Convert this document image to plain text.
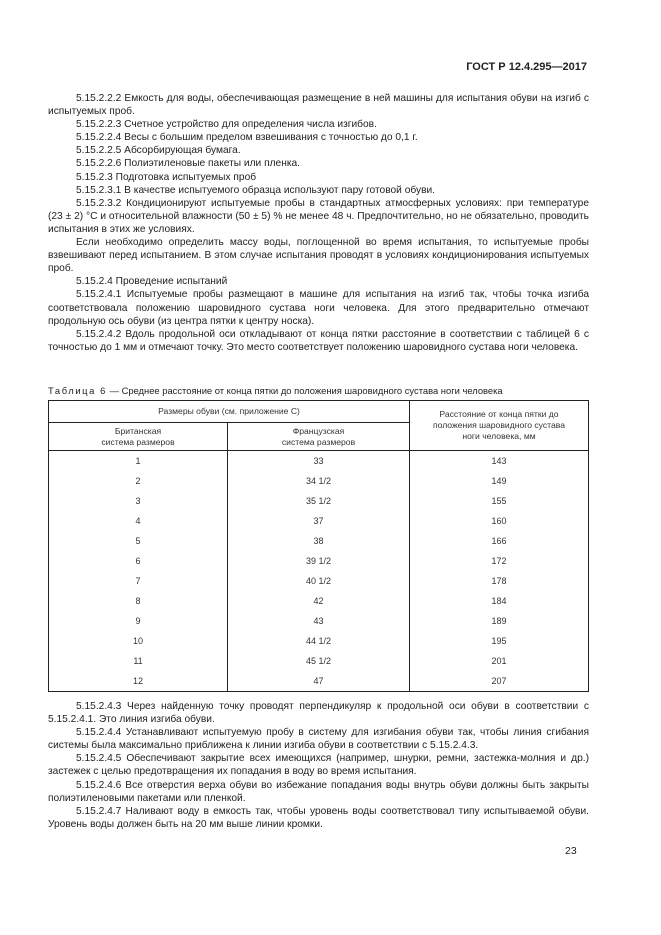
ГОСТ Р 12.4.295—2017

5.15.2.2.2 Емкость для воды, обеспечивающая размещение в ней машины для испытания обуви на изгиб с испытуемых проб.

5.15.2.2.3 Счетное устройство для определения числа изгибов.

5.15.2.2.4 Весы с большим пределом взвешивания с точностью до 0,1 г.

5.15.2.2.5 Абсорбирующая бумага.

5.15.2.2.6 Полиэтиленовые пакеты или пленка.

5.15.2.3 Подготовка испытуемых проб

5.15.2.3.1 В качестве испытуемого образца используют пару готовой обуви.

5.15.2.3.2 Кондиционируют испытуемые пробы в стандартных атмосферных условиях: при температуре (23 ± 2) °С и относительной влажности (50 ± 5) % не менее 48 ч. Предпочтительно, но не обязательно, проводить испытания в этих же условиях.

Если необходимо определить массу воды, поглощенной во время испытания, то испытуемые пробы взвешивают перед испытанием. В этом случае испытания проводят в условиях кондиционирования испытуемых проб.

5.15.2.4 Проведение испытаний

5.15.2.4.1 Испытуемые пробы размещают в машине для испытания на изгиб так, чтобы точка изгиба соответствовала положению шаровидного сустава ноги человека. Для этого предварительно отмечают продольную ось обуви (из центра пятки к центру носка).

5.15.2.4.2 Вдоль продольной оси откладывают от конца пятки расстояние в соответствии с таблицей 6 с точностью до 1 мм и отмечают точку. Это место соответствует положению шаровидного сустава ноги человека.

Таблица 6 — Среднее расстояние от конца пятки до положения шаровидного сустава ноги человека
Размеры обуви (см. приложение С)		Расстояние от конца пятки до положения шаровидного сустава ноги человека, мм
Британская система размеров	Французская система размеров	
1	33	143
2	34 1/2	149
3	35 1/2	155
4	37	160
5	38	166
6	39 1/2	172
7	40 1/2	178
8	42	184
9	43	189
10	44 1/2	195
11	45 1/2	201
12	47	207

5.15.2.4.3 Через найденную точку проводят перпендикуляр к продольной оси обуви в соответствии с 5.15.2.4.1. Это линия изгиба обуви.

5.15.2.4.4 Устанавливают испытуемую пробу в систему для изгибания обуви так, чтобы линия сгибания системы была максимально приближена к линии изгиба обуви в соответствии с 5.15.2.4.3.

5.15.2.4.5 Обеспечивают закрытие всех имеющихся (например, шнурки, ремни, застежка-молния и др.) застежек с целью предотвращения их попадания в воду во время испытания.

5.15.2.4.6 Все отверстия верха обуви во избежание попадания воды внутрь обуви должны быть закрыты полиэтиленовыми пакетами или пленкой.

5.15.2.4.7 Наливают воду в емкость так, чтобы уровень воды соответствовал типу испытываемой обуви. Уровень воды должен быть на 20 мм выше линии кромки.

23
